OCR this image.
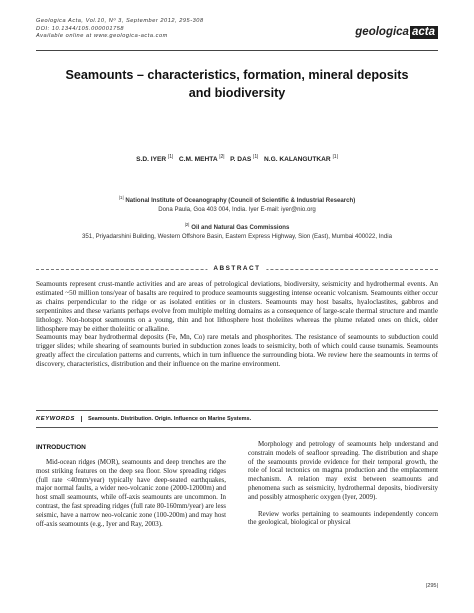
Geologica Acta, Vol.10, Nº 3, September 2012, 295-308
DOI: 10.1344/105.000001758
Available online at www.geologica-acta.com	geologica acta
Seamounts – characteristics, formation, mineral deposits
and biodiversity
S.D. IYER $^{|1|}$ C.M. MEHTA $^{|2|}$ P. DAS $^{|1|}$ N.G. KALANGUTKAR $^{|1|}$
$^{|1|}$ National Institute of Oceanography (Council of Scientific & Industrial Research)
Dona Paula, Goa 403 004, India. Iyer E-mail: iyer@nio.org
$^{|2|}$ Oil and Natural Gas Commissions
351, Priyadarshini Building, Western Offshore Basin, Eastern Express Highway, Sion (East), Mumbai 400022, India
ABSTRACT

Seamounts represent crust-mantle activities and are areas of petrological deviations, biodiversity, seismicity and hydrothermal events. An estimated ~50 million tons/year of basalts are required to produce seamounts suggesting intense oceanic volcanism. Seamounts either occur as chains perpendicular to the ridge or as isolated entities or in clusters. Seamounts may host basalts, hyaloclastites, gabbros and serpentinites and these variants perhaps evolve from multiple melting domains as a consequence of large-scale thermal structure and mantle lithology. Non-hotspot seamounts on a young, thin and hot lithosphere host tholeiites whereas the plume related ones on thick, older lithosphere may be either tholeiitic or alkaline.

Seamounts may bear hydrothermal deposits (Fe, Mn, Co) rare metals and phosphorites. The resistance of seamounts to subduction could trigger slides; while shearing of seamounts buried in subduction zones leads to seismicity, both of which could cause tsunamis. Seamounts greatly affect the circulation patterns and currents, which in turn influence the surrounding biota. We review here the seamounts in terms of discovery, characteristics, distribution and their influence on the marine environment.

KEYWORDS	Seamounts. Distribution. Origin. Influence on Marine Systems.
INTRODUCTION

Mid-ocean ridges (MOR), seamounts and deep trenches are the most striking features on the deep sea floor. Slow spreading ridges (full rate <40mm/year) typically have deep-seated earthquakes, major normal faults, a wider neo-volcanic zone (2000-12000m) and host small seamounts, while off-axis seamounts are uncommon. In contrast, the fast spreading ridges (full rate 80-160mm/year) are less seismic, have a narrow neo-volcanic zone (100-200m) and may host off-axis seamounts (e.g., Iyer and Ray, 2003).

Morphology and petrology of seamounts help understand and constrain models of seafloor spreading. The distribution and shape of the seamounts provide evidence for their temporal growth, the role of local tectonics on magma production and the emplacement mechanism. A relation may exist between seamounts and phenomena such as seismicity, hydrothermal deposits, biodiversity and possibly atmospheric oxygen (Iyer, 2009).

Review works pertaining to seamounts independently concern the geological, biological or physical

|295|
